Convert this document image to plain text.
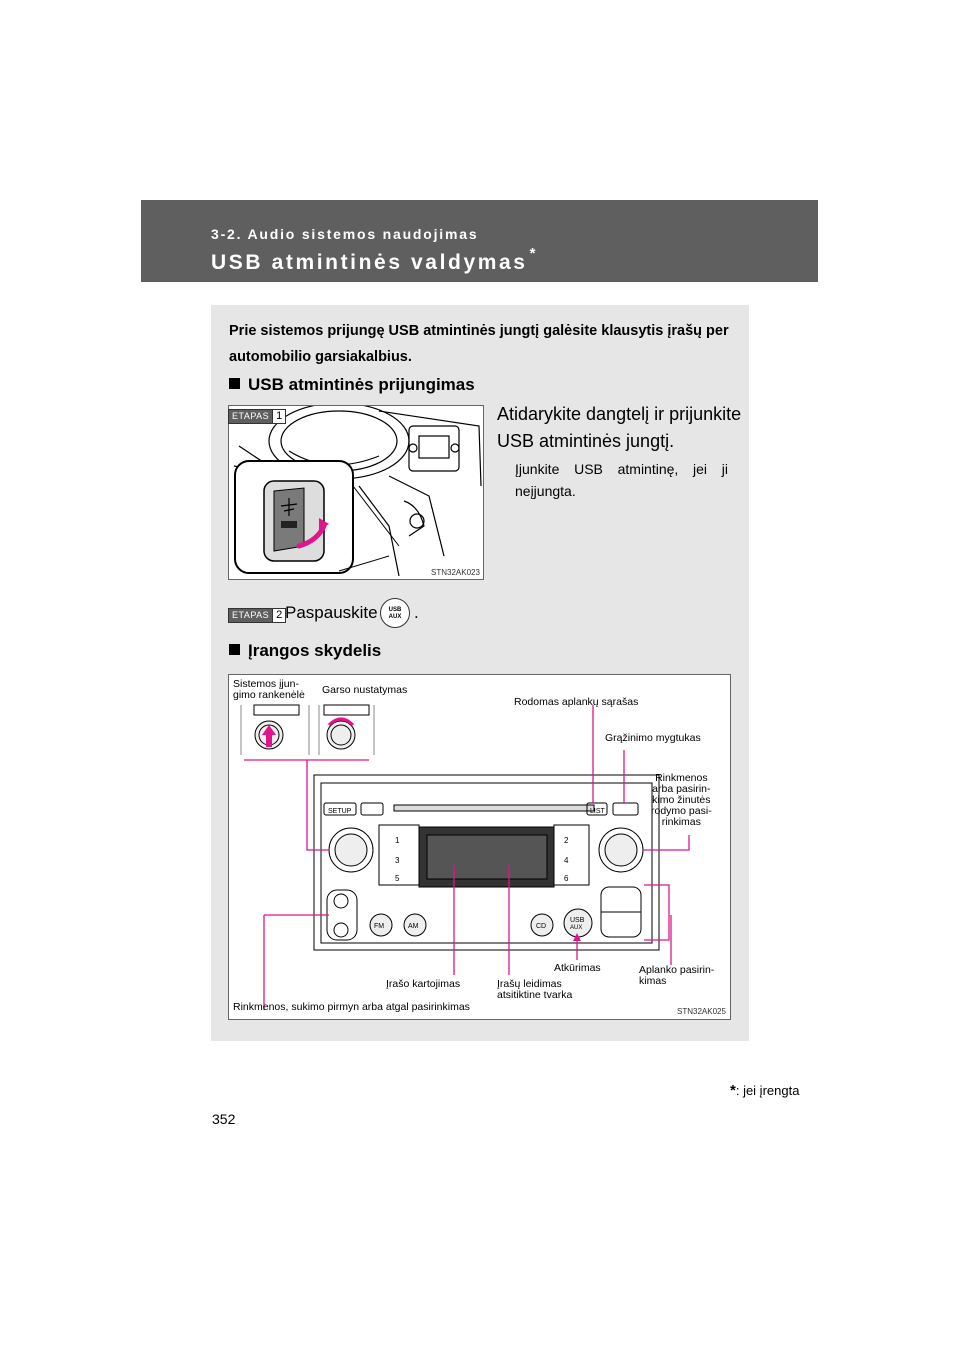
3-2. Audio sistemos naudojimas
USB atmintinės valdymas *
Prie sistemos prijungę USB atmintinės jungtį galėsite klausytis įrašų per automobilio garsiakalbius.
USB atmintinės prijungimas
STN32AK023
ETAPAS 1	Atidarykite dangtelį ir prijunkite USB atmintinės jungtį.
Įjunkite USB atmintinę, jei ji neįjungta.
ETAPAS 2 Paspauskite	USB
AUX .
Įrangos skydelis
Sistemos įjun-
gimo rankenėlė Garso nustatymas
Rodomas aplankų sąrašas
Grąžinimo mygtukas
Rinkmenos
arba pasirin-
kimo žinutės
rodymo pasi-
rinkimas
Įrašo kartojimas	Įrašų leidimas
atsitiktine tvarka
Atkūrimas	Aplanko pasirin-
kimas
Rinkmenos, sukimo pirmyn arba atgal pasirinkimas
SETUP	LIST
FM	AM	CD
USB
AUX
1	2
3	4
5	6
STN32AK025
*: jei įrengta
352
